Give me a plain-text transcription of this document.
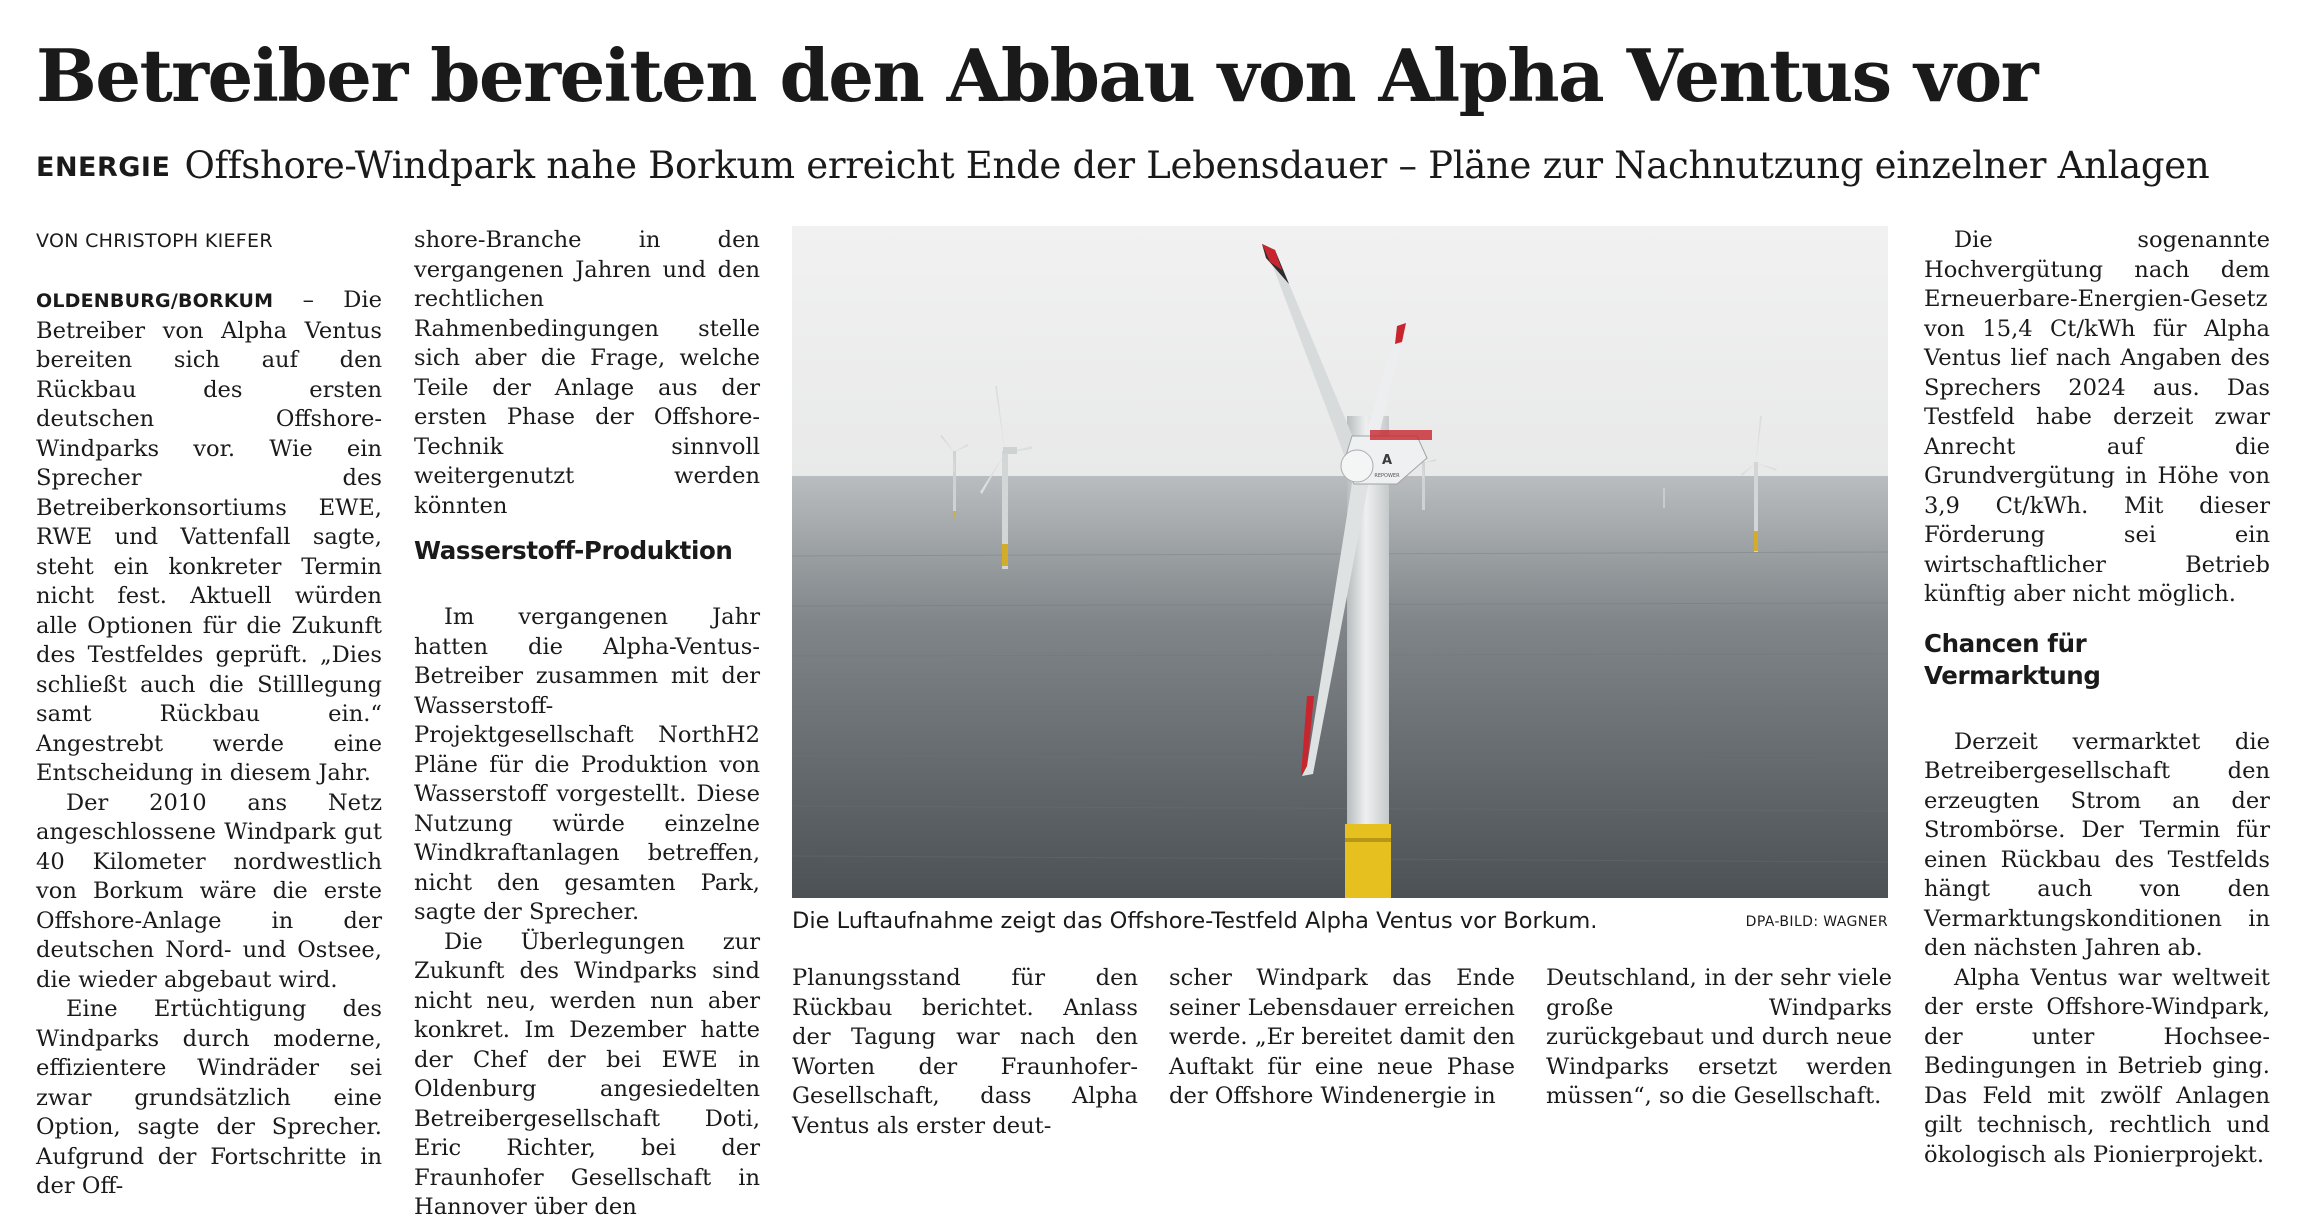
Betreiber bereiten den Abbau von Alpha Ventus vor
ENERGIE Offshore-Windpark nahe Borkum erreicht Ende der Lebensdauer – Pläne zur Nachnutzung einzelner Anlagen
VON CHRISTOPH KIEFER

OLDENBURG/BORKUM – Die Betreiber von Alpha Ventus bereiten sich auf den Rückbau des ersten deutschen Offshore-Windparks vor. Wie ein Sprecher des Betreiberkonsortiums EWE, RWE und Vattenfall sagte, steht ein konkreter Termin nicht fest. Aktuell würden alle Optionen für die Zukunft des Testfeldes geprüft. „Dies schließt auch die Stilllegung samt Rückbau ein.“ Angestrebt werde eine Entscheidung in diesem Jahr.

Der 2010 ans Netz angeschlossene Windpark gut 40 Kilometer nordwestlich von Borkum wäre die erste Offshore-Anlage in der deutschen Nord- und Ostsee, die wieder abgebaut wird.

Eine Ertüchtigung des Windparks durch moderne, effizientere Windräder sei zwar grundsätzlich eine Option, sagte der Sprecher. Aufgrund der Fortschritte in der Off-

shore-Branche in den vergangenen Jahren und den rechtlichen Rahmenbedingungen stelle sich aber die Frage, welche Teile der Anlage aus der ersten Phase der Offshore-Technik sinnvoll weitergenutzt werden könnten

Wasserstoff-Produktion

Im vergangenen Jahr hatten die Alpha-Ventus-Betreiber zusammen mit der Wasserstoff-Projektgesellschaft NorthH2 Pläne für die Produktion von Wasserstoff vorgestellt. Diese Nutzung würde einzelne Windkraftanlagen betreffen, nicht den gesamten Park, sagte der Sprecher.

Die Überlegungen zur Zukunft des Windparks sind nicht neu, werden nun aber konkret. Im Dezember hatte der Chef der bei EWE in Oldenburg angesiedelten Betreibergesellschaft Doti, Eric Richter, bei der Fraunhofer Gesellschaft in Hannover über den

A
REPOWER
Die Luftaufnahme zeigt das Offshore-Testfeld Alpha Ventus vor Borkum.	DPA-BILD: WAGNER

Planungsstand für den Rückbau berichtet. Anlass der Tagung war nach den Worten der Fraunhofer-Gesellschaft, dass Alpha Ventus als erster deut-

scher Windpark das Ende seiner Lebensdauer erreichen werde. „Er bereitet damit den Auftakt für eine neue Phase der Offshore Windenergie in

Deutschland, in der sehr viele große Windparks zurückgebaut und durch neue Windparks ersetzt werden müssen“, so die Gesellschaft.

Die sogenannte Hochvergütung nach dem Erneuerbare-Energien-Gesetz von 15,4 Ct/kWh für Alpha Ventus lief nach Angaben des Sprechers 2024 aus. Das Testfeld habe derzeit zwar Anrecht auf die Grundvergütung in Höhe von 3,9 Ct/kWh. Mit dieser Förderung sei ein wirtschaftlicher Betrieb künftig aber nicht möglich.

Chancen für Vermarktung

Derzeit vermarktet die Betreibergesellschaft den erzeugten Strom an der Strombörse. Der Termin für einen Rückbau des Testfelds hängt auch von den Vermarktungskonditionen in den nächsten Jahren ab.

Alpha Ventus war weltweit der erste Offshore-Windpark, der unter Hochsee-Bedingungen in Betrieb ging. Das Feld mit zwölf Anlagen gilt technisch, rechtlich und ökologisch als Pionierprojekt.
